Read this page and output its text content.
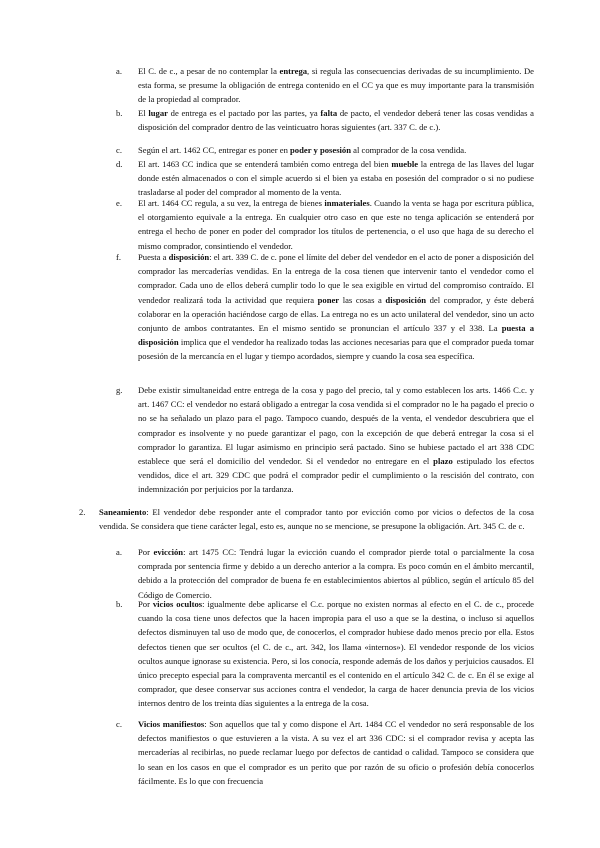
a. El C. de c., a pesar de no contemplar la entrega, si regula las consecuencias derivadas de su incumplimiento. De esta forma, se presume la obligación de entrega contenido en el CC ya que es muy importante para la transmisión de la propiedad al comprador.
b. El lugar de entrega es el pactado por las partes, ya falta de pacto, el vendedor deberá tener las cosas vendidas a disposición del comprador dentro de las veinticuatro horas siguientes (art. 337 C. de c.).
c. Según el art. 1462 CC, entregar es poner en poder y posesión al comprador de la cosa vendida.
d. El art. 1463 CC indica que se entenderá también como entrega del bien mueble la entrega de las llaves del lugar donde estén almacenados o con el simple acuerdo si el bien ya estaba en posesión del comprador o si no pudiese trasladarse al poder del comprador al momento de la venta.
e. El art. 1464 CC regula, a su vez, la entrega de bienes inmateriales. Cuando la venta se haga por escritura pública, el otorgamiento equivale a la entrega. En cualquier otro caso en que este no tenga aplicación se entenderá por entrega el hecho de poner en poder del comprador los títulos de pertenencia, o el uso que haga de su derecho el mismo comprador, consintiendo el vendedor.
f. Puesta a disposición: el art. 339 C. de c. pone el límite del deber del vendedor en el acto de poner a disposición del comprador las mercaderías vendidas. En la entrega de la cosa tienen que intervenir tanto el vendedor como el comprador. Cada uno de ellos deberá cumplir todo lo que le sea exigible en virtud del compromiso contraído. El vendedor realizará toda la actividad que requiera poner las cosas a disposición del comprador, y éste deberá colaborar en la operación haciéndose cargo de ellas. La entrega no es un acto unilateral del vendedor, sino un acto conjunto de ambos contratantes. En el mismo sentido se pronuncian el artículo 337 y el 338. La puesta a disposición implica que el vendedor ha realizado todas las acciones necesarias para que el comprador pueda tomar posesión de la mercancía en el lugar y tiempo acordados, siempre y cuando la cosa sea específica.
g. Debe existir simultaneidad entre entrega de la cosa y pago del precio, tal y como establecen los arts. 1466 C.c. y art. 1467 CC: el vendedor no estará obligado a entregar la cosa vendida si el comprador no le ha pagado el precio o no se ha señalado un plazo para el pago. Tampoco cuando, después de la venta, el vendedor descubriera que el comprador es insolvente y no puede garantizar el pago, con la excepción de que deberá entregar la cosa si el comprador lo garantiza. El lugar asimismo en principio será pactado. Sino se hubiese pactado el art 338 CDC establece que será el domicilio del vendedor. Si el vendedor no entregare en el plazo estipulado los efectos vendidos, dice el art. 329 CDC que podrá el comprador pedir el cumplimiento o la rescisión del contrato, con indemnización por perjuicios por la tardanza.
2. Saneamiento: El vendedor debe responder ante el comprador tanto por evicción como por vicios o defectos de la cosa vendida. Se considera que tiene carácter legal, esto es, aunque no se mencione, se presupone la obligación. Art. 345 C. de c.
a. Por evicción: art 1475 CC: Tendrá lugar la evicción cuando el comprador pierde total o parcialmente la cosa comprada por sentencia firme y debido a un derecho anterior a la compra. Es poco común en el ámbito mercantil, debido a la protección del comprador de buena fe en establecimientos abiertos al público, según el artículo 85 del Código de Comercio.
b. Por vicios ocultos: igualmente debe aplicarse el C.c. porque no existen normas al efecto en el C. de c., procede cuando la cosa tiene unos defectos que la hacen impropia para el uso a que se la destina, o incluso si aquellos defectos disminuyen tal uso de modo que, de conocerlos, el comprador hubiese dado menos precio por ella. Estos defectos tienen que ser ocultos (el C. de c., art. 342, los llama «internos»). El vendedor responde de los vicios ocultos aunque ignorase su existencia. Pero, si los conocía, responde además de los daños y perjuicios causados. El único precepto especial para la compraventa mercantil es el contenido en el artículo 342 C. de c. En él se exige al comprador, que desee conservar sus acciones contra el vendedor, la carga de hacer denuncia previa de los vicios internos dentro de los treinta días siguientes a la entrega de la cosa.
c. Vicios manifiestos: Son aquellos que tal y como dispone el Art. 1484 CC el vendedor no será responsable de los defectos manifiestos o que estuvieren a la vista. A su vez el art 336 CDC: si el comprador revisa y acepta las mercaderías al recibirlas, no puede reclamar luego por defectos de cantidad o calidad. Tampoco se considera que lo sean en los casos en que el comprador es un perito que por razón de su oficio o profesión debía conocerlos fácilmente. Es lo que con frecuencia
